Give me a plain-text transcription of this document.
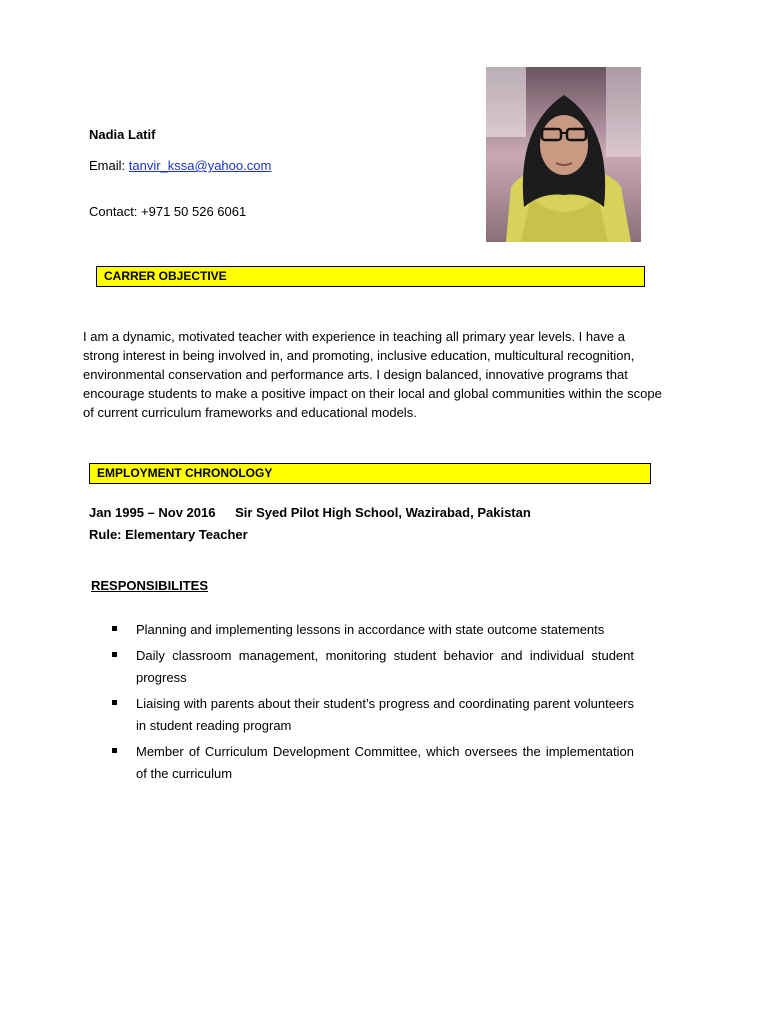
Nadia Latif
Email: tanvir_kssa@yahoo.com
Contact: +971 50 526 6061
CARRER OBJECTIVE
I am a dynamic, motivated teacher with experience in teaching all primary year levels. I have a strong interest in being involved in, and promoting, inclusive education, multicultural recognition, environmental conservation and performance arts. I design balanced, innovative programs that encourage students to make a positive impact on their local and global communities within the scope of current curriculum frameworks and educational models.
EMPLOYMENT CHRONOLOGY
Jan 1995 – Nov 2016 Sir Syed Pilot High School, Wazirabad, Pakistan
Rule: Elementary Teacher
RESPONSIBILITES
Planning and implementing lessons in accordance with state outcome statements
Daily classroom management, monitoring student behavior and individual student progress
Liaising with parents about their student’s progress and coordinating parent volunteers in student reading program
Member of Curriculum Development Committee, which oversees the implementation of the curriculum
